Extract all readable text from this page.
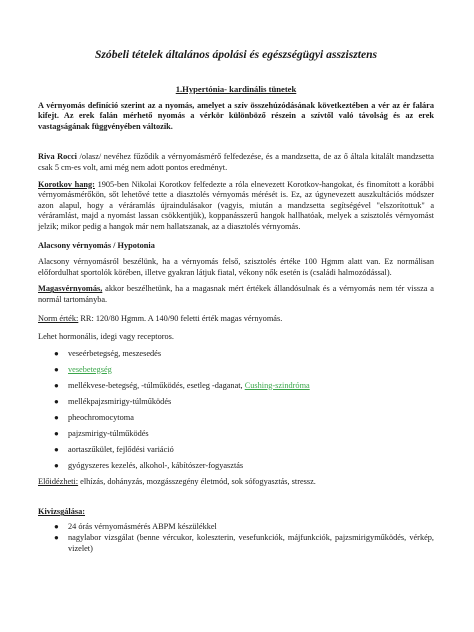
Szóbeli tételek általános ápolási és egészségügyi asszisztens
1.Hypertónia- kardinális tünetek

A vérnyomás definíció szerint az a nyomás, amelyet a szív összehúzódásának következtében a vér az ér falára kifejt. Az erek falán mérhető nyomás a vérkör különböző részein a szívtől való távolság és az erek vastagságának függvényében változik.

Riva Rocci /olasz/ nevéhez fűződik a vérnyomásmérő felfedezése, és a mandzsetta, de az ő általa kitalált mandzsetta csak 5 cm-es volt, ami még nem adott pontos eredményt.

Korotkov hang: 1905-ben Nikolai Korotkov felfedezte a róla elnevezett Korotkov-hangokat, és finomított a korábbi vérnyomásmérőkön, sőt lehetővé tette a diasztolés vérnyomás mérését is. Ez, az úgynevezett auszkultációs módszer azon alapul, hogy a véráramlás újraindulásakor (vagyis, miután a mandzsetta segítségével "elszorítottuk" a véráramlást, majd a nyomást lassan csökkentjük), koppanásszerű hangok hallhatóak, melyek a szisztolés vérnyomást jelzik; mikor pedig a hangok már nem hallatszanak, az a diasztolés vérnyomás.

Alacsony vérnyomás / Hypotonia

Alacsony vérnyomásról beszélünk, ha a vérnyomás felső, szisztolés értéke 100 Hgmm alatt van. Ez normálisan előfordulhat sportolók körében, illetve gyakran látjuk fiatal, vékony nők esetén is (családi halmozódással).

Magasvérnyomás, akkor beszélhetünk, ha a magasnak mért értékek állandósulnak és a vérnyomás nem tér vissza a normál tartományba.

Norm érték: RR: 120/80 Hgmm. A 140/90 feletti érték magas vérnyomás.

Lehet hormonális, idegi vagy receptoros.

● veseérbetegség, meszesedés
● vesebetegség
● mellékvese-betegség, -túlműködés, esetleg -daganat, Cushing-szindróma
● mellékpajzsmirigy-túlműködés
● pheochromocytoma
● pajzsmirigy-túlműködés
● aortaszűkület, fejlődési variáció
● gyógyszeres kezelés, alkohol-, kábítószer-fogyasztás

Előidézheti: elhízás, dohányzás, mozgásszegény életmód, sok sófogyasztás, stressz.

Kivizsgálása:
● 24 órás vérnyomásmérés ABPM készülékkel
● nagylabor vizsgálat (benne vércukor, koleszterin, vesefunkciók, májfunkciók, pajzsmirigyműködés, vérkép, vizelet)
